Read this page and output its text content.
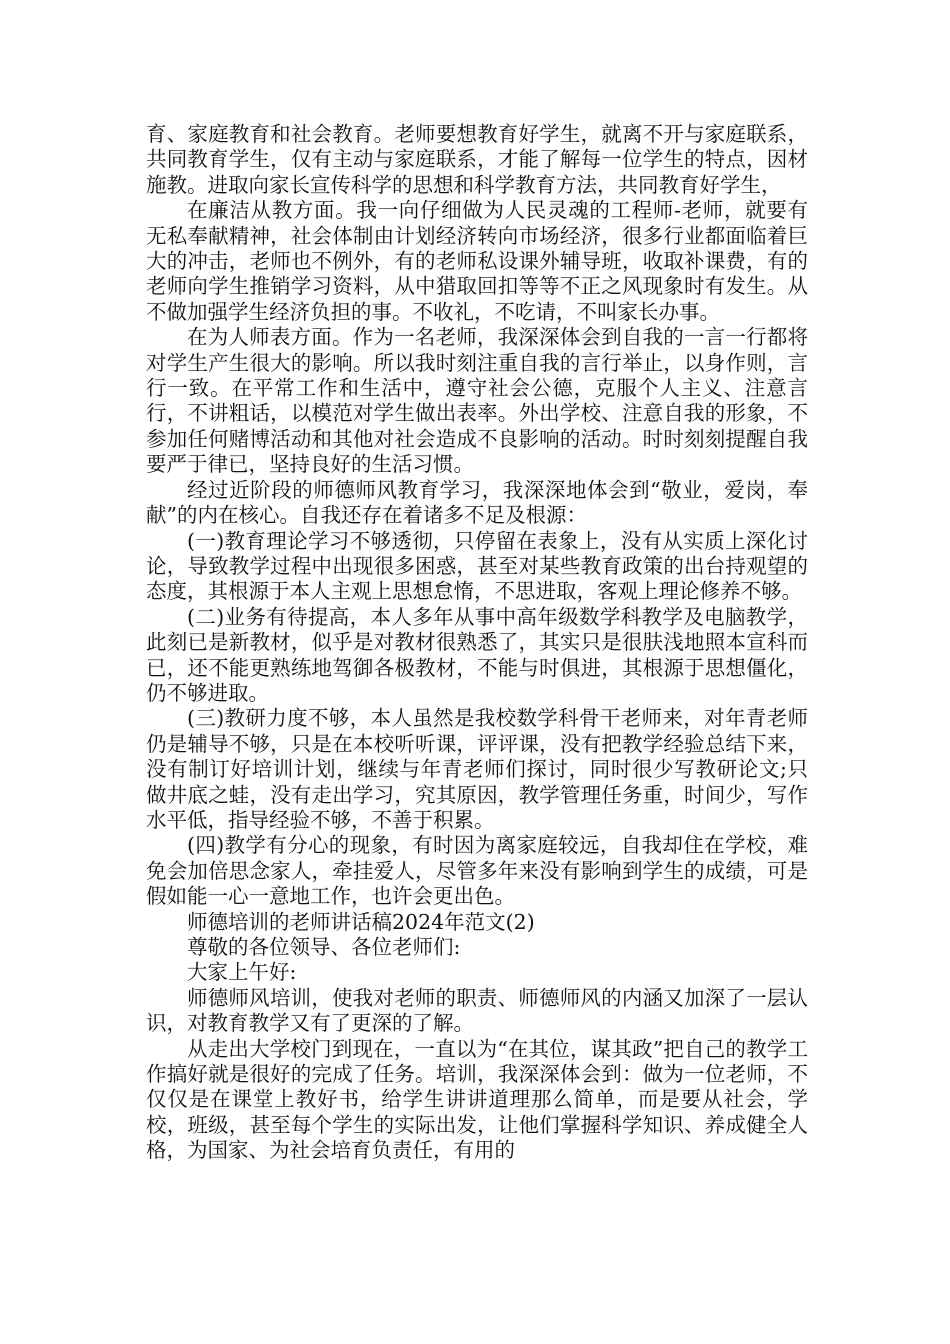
育、家庭教育和社会教育。老师要想教育好学生，就离不开与家庭联系，共同教育学生，仅有主动与家庭联系，才能了解每一位学生的特点，因材施教。进取向家长宣传科学的思想和科学教育方法，共同教育好学生，

在廉洁从教方面。我一向仔细做为人民灵魂的工程师-老师，就要有无私奉献精神，社会体制由计划经济转向市场经济，很多行业都面临着巨大的冲击，老师也不例外，有的老师私设课外辅导班，收取补课费，有的老师向学生推销学习资料，从中猎取回扣等等不正之风现象时有发生。从不做加强学生经济负担的事。不收礼，不吃请，不叫家长办事。

在为人师表方面。作为一名老师，我深深体会到自我的一言一行都将对学生产生很大的影响。所以我时刻注重自我的言行举止，以身作则，言行一致。在平常工作和生活中，遵守社会公德，克服个人主义、注意言行，不讲粗话，以模范对学生做出表率。外出学校、注意自我的形象，不参加任何赌博活动和其他对社会造成不良影响的活动。时时刻刻提醒自我要严于律已，坚持良好的生活习惯。

经过近阶段的师德师风教育学习，我深深地体会到“敬业，爱岗，奉献”的内在核心。自我还存在着诸多不足及根源：

(一)教育理论学习不够透彻，只停留在表象上，没有从实质上深化讨论，导致教学过程中出现很多困惑，甚至对某些教育政策的出台持观望的态度，其根源于本人主观上思想怠惰，不思进取，客观上理论修养不够。

(二)业务有待提高，本人多年从事中高年级数学科教学及电脑教学，此刻已是新教材，似乎是对教材很熟悉了，其实只是很肤浅地照本宣科而已，还不能更熟练地驾御各极教材，不能与时俱进，其根源于思想僵化，仍不够进取。

(三)教研力度不够，本人虽然是我校数学科骨干老师来，对年青老师仍是辅导不够，只是在本校听听课，评评课，没有把教学经验总结下来，没有制订好培训计划，继续与年青老师们探讨，同时很少写教研论文;只做井底之蛙，没有走出学习，究其原因，教学管理任务重，时间少，写作水平低，指导经验不够，不善于积累。

(四)教学有分心的现象，有时因为离家庭较远，自我却住在学校，难免会加倍思念家人，牵挂爱人，尽管多年来没有影响到学生的成绩，可是假如能一心一意地工作，也许会更出色。

师德培训的老师讲话稿2024年范文(2)

尊敬的各位领导、各位老师们:

大家上午好:

师德师风培训，使我对老师的职责、师德师风的内涵又加深了一层认识，对教育教学又有了更深的了解。

从走出大学校门到现在，一直以为“在其位，谋其政”把自己的教学工作搞好就是很好的完成了任务。培训，我深深体会到：做为一位老师，不仅仅是在课堂上教好书，给学生讲讲道理那么简单，而是要从社会，学校，班级，甚至每个学生的实际出发，让他们掌握科学知识、养成健全人格，为国家、为社会培育负责任，有用的
